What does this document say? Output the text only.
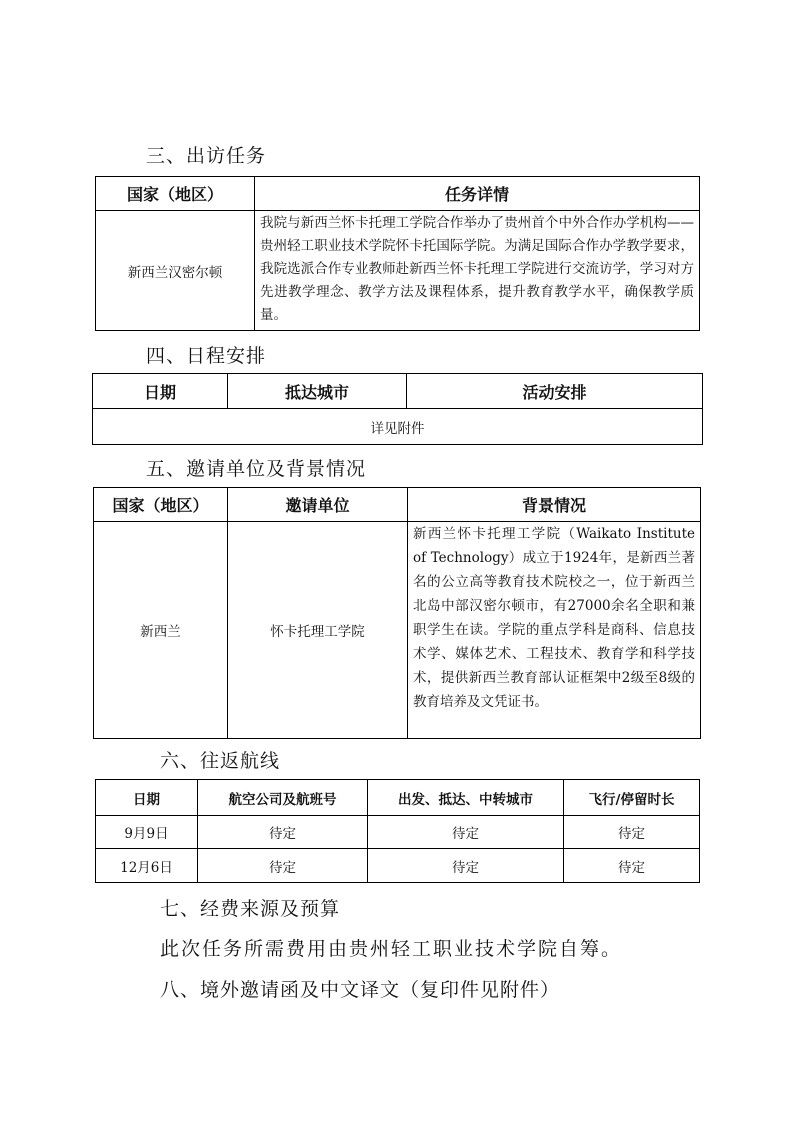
三、出访任务
国家（地区）	任务详情
新西兰汉密尔顿	我院与新西兰怀卡托理工学院合作举办了贵州首个中外合作办学机构——贵州轻工职业技术学院怀卡托国际学院。为满足国际合作办学教学要求，我院选派合作专业教师赴新西兰怀卡托理工学院进行交流访学，学习对方先进教学理念、教学方法及课程体系，提升教育教学水平，确保教学质量。
四、日程安排
日期	抵达城市	活动安排
详见附件
五、邀请单位及背景情况
国家（地区）	邀请单位	背景情况
新西兰	怀卡托理工学院	新西兰怀卡托理工学院（Waikato Institute of Technology）成立于1924年，是新西兰著名的公立高等教育技术院校之一，位于新西兰北岛中部汉密尔顿市，有27000余名全职和兼职学生在读。学院的重点学科是商科、信息技术学、媒体艺术、工程技术、教育学和科学技术，提供新西兰教育部认证框架中2级至8级的教育培养及文凭证书。
六、往返航线
日期	航空公司及航班号	出发、抵达、中转城市	飞行/停留时长
9月9日	待定	待定	待定
12月6日	待定	待定	待定
七、经费来源及预算
此次任务所需费用由贵州轻工职业技术学院自筹。
八、境外邀请函及中文译文（复印件见附件）
